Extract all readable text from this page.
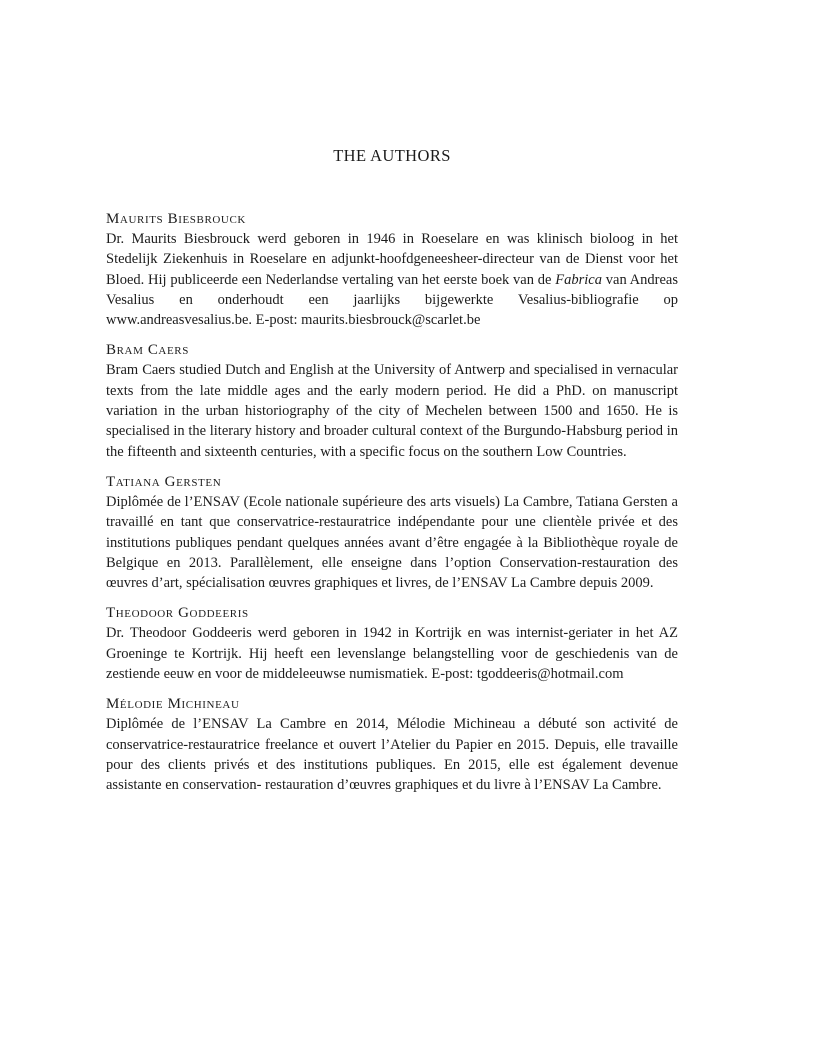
THE AUTHORS

Maurits Biesbrouck

Dr. Maurits Biesbrouck werd geboren in 1946 in Roeselare en was klinisch bioloog in het Stedelijk Ziekenhuis in Roeselare en adjunkt-hoofdgeneesheer-directeur van de Dienst voor het Bloed. Hij publiceerde een Nederlandse vertaling van het eerste boek van de Fabrica van Andreas Vesalius en onderhoudt een jaarlijks bijgewerkte Vesalius-bibliografie op www.andreasvesalius.be. E-post: maurits.biesbrouck@scarlet.be

Bram Caers

Bram Caers studied Dutch and English at the University of Antwerp and specialised in vernacular texts from the late middle ages and the early modern period. He did a PhD. on manuscript variation in the urban historiography of the city of Mechelen between 1500 and 1650. He is specialised in the literary history and broader cultural context of the Burgundo-Habsburg period in the fifteenth and sixteenth centuries, with a specific focus on the southern Low Countries.

Tatiana Gersten

Diplômée de l’ENSAV (Ecole nationale supérieure des arts visuels) La Cambre, Tatiana Gersten a travaillé en tant que conservatrice-restauratrice indépendante pour une clientèle privée et des institutions publiques pendant quelques années avant d’être engagée à la Bibliothèque royale de Belgique en 2013. Parallèlement, elle enseigne dans l’option Conservation-restauration des œuvres d’art, spécialisation œuvres graphiques et livres, de l’ENSAV La Cambre depuis 2009.

Theodoor Goddeeris

Dr. Theodoor Goddeeris werd geboren in 1942 in Kortrijk en was internist-geriater in het AZ Groeninge te Kortrijk. Hij heeft een levenslange belangstelling voor de geschiedenis van de zestiende eeuw en voor de middeleeuwse numismatiek. E-post: tgoddeeris@hotmail.com

Mélodie Michineau

Diplômée de l’ENSAV La Cambre en 2014, Mélodie Michineau a débuté son activité de conservatrice-restauratrice freelance et ouvert l’Atelier du Papier en 2015. Depuis, elle travaille pour des clients privés et des institutions publiques. En 2015, elle est également devenue assistante en conservation- restauration d’œuvres graphiques et du livre à l’ENSAV La Cambre.
